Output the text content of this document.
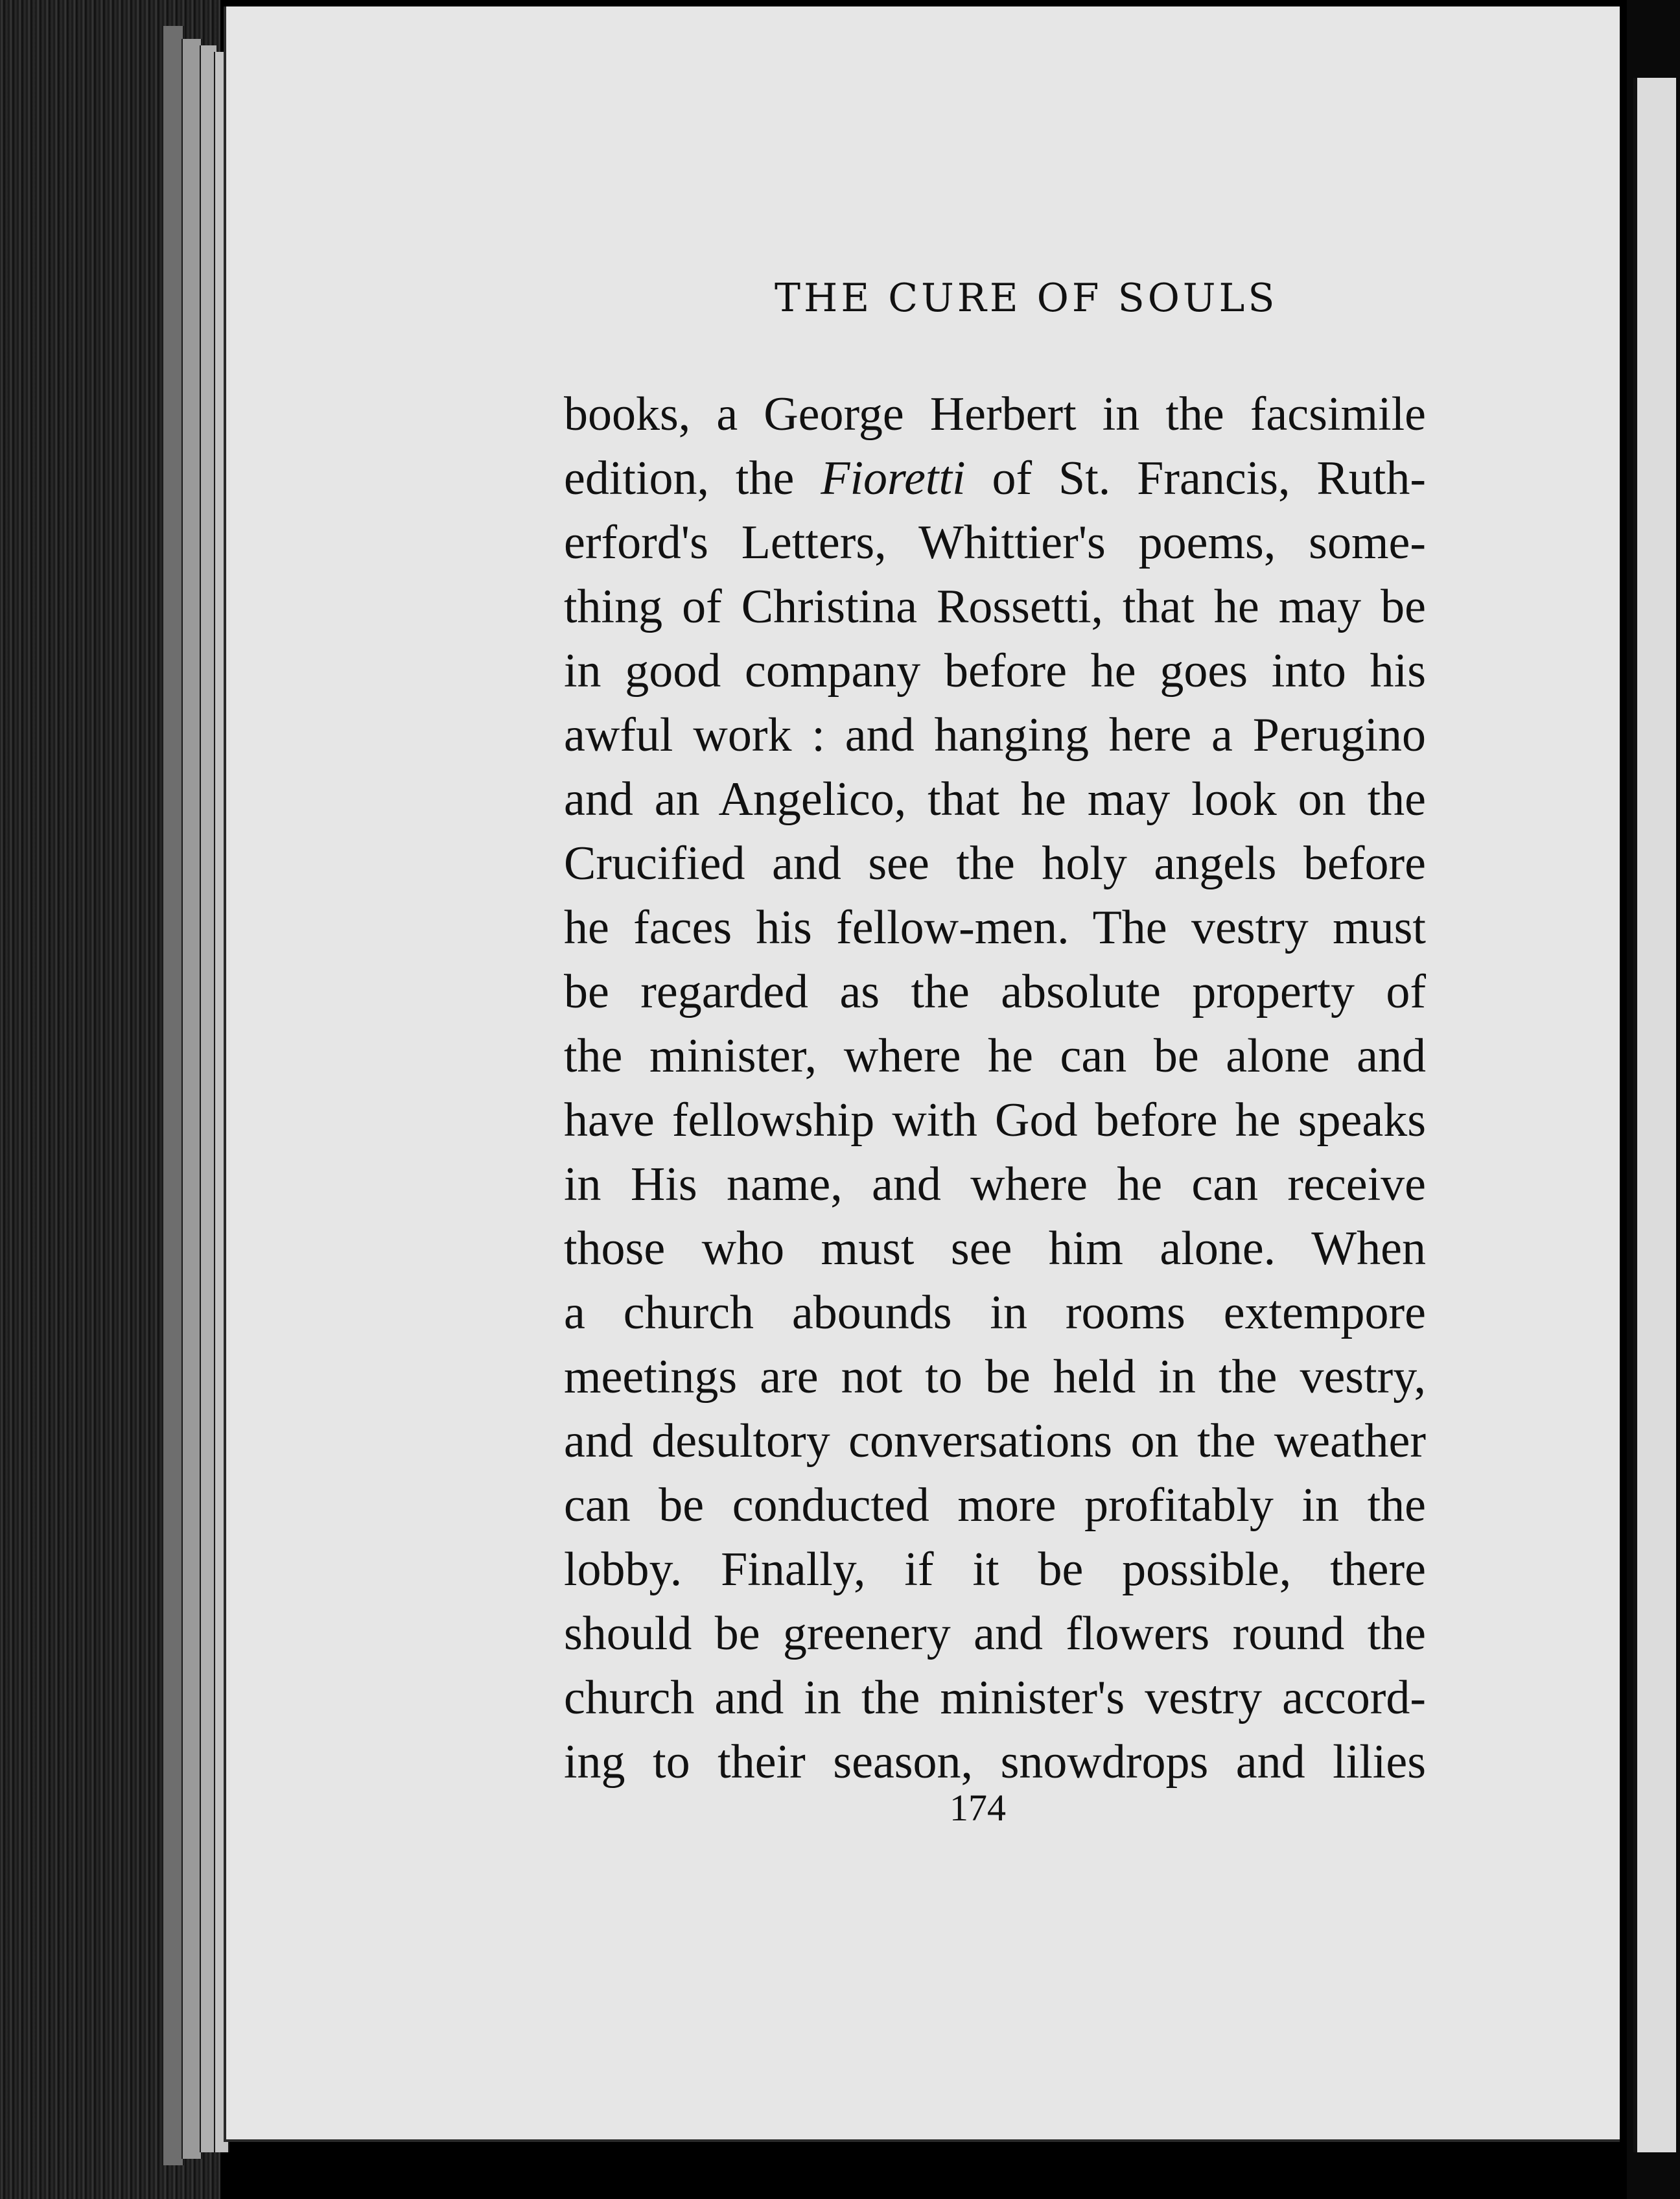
THE CURE OF SOULS
books, a George Herbert in the facsimile
edition, the Fioretti of St. Francis, Ruth-
erford's Letters, Whittier's poems, some-
thing of Christina Rossetti, that he may be
in good company before he goes into his
awful work : and hanging here a Perugino
and an Angelico, that he may look on the
Crucified and see the holy angels before
he faces his fellow-men. The vestry must
be regarded as the absolute property of
the minister, where he can be alone and
have fellowship with God before he speaks
in His name, and where he can receive
those who must see him alone. When
a church abounds in rooms extempore
meetings are not to be held in the vestry,
and desultory conversations on the weather
can be conducted more profitably in the
lobby. Finally, if it be possible, there
should be greenery and flowers round the
church and in the minister's vestry accord-
ing to their season, snowdrops and lilies
174
